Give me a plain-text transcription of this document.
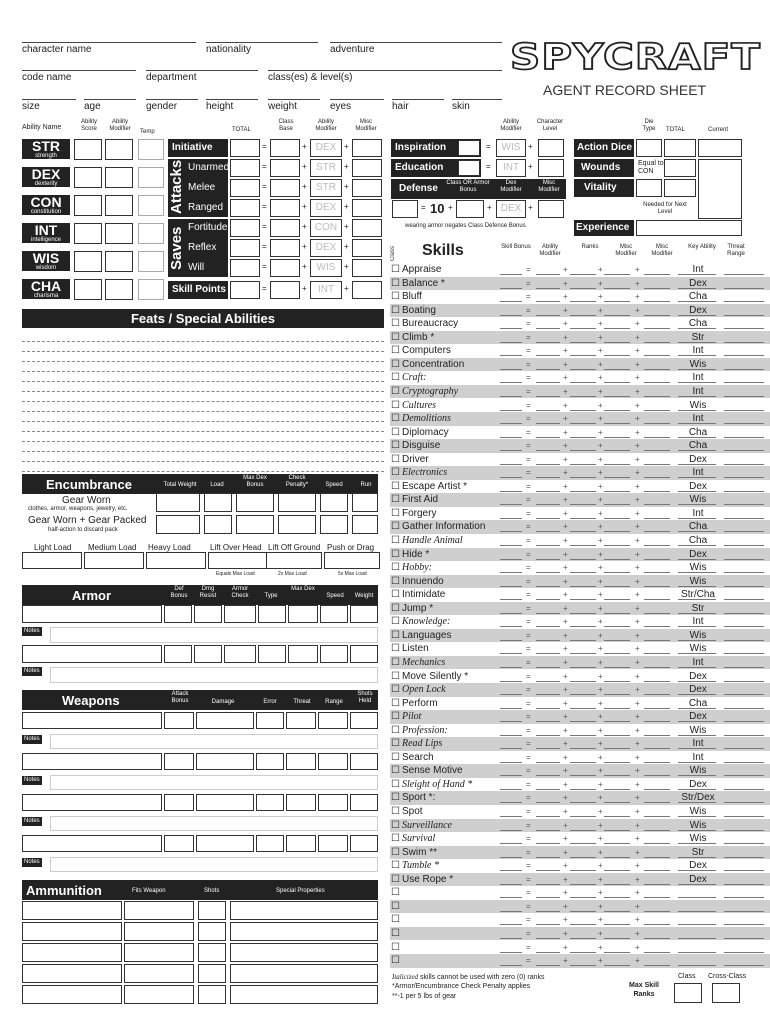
character name	nationality	adventure
code name	department	class(es) & level(s)
size	age	gender	height	weight	eyes	hair	skin
SPYCRAFT
AGENT RECORD SHEET
Ability Name
Ability Score
Ability Modifier	Temp
STR
strength
DEX
dexterity
CON
constitution
INT
intelligence
WIS
wisdom
CHA
charisma
TOTAL
Class Base
Ability Modifier
Misc Modifier
Attacks
Saves
Initiative	=	+ DEX +
Unarmed	=	+ STR	+
Melee	=	+ STR	+
Ranged	=	+ DEX +
Fortitude	=	+ CON +
Reflex	=	+ DEX +
Will	=	+ WIS	+
Skill Points	=	+	INT	+
Ability Modifier
Character Level
Inspiration	=	WIS +
Education	=	INT	+
Defense Class OR Armor Bonus
Dex Modifier
Misc Modifier
= 10 +	+ DEX +
wearing armor negates Class Defense Bonus
Die Type	TOTAL	Current
Action Dice
Wounds	Equal to CON
Vitality
Needed for Next Level
Experience
Class Skills	Skill Bonus	Ability Modifier
Ranks	Misc Modifier
Misc Modifier
Key Ability	Threat Range
☐ Appraise	=	+	+	+	Int
☐ Balance *	=	+	+	+	Dex
☐ Bluff	=	+	+	+	Cha
☐ Boating	=	+	+	+	Dex
☐ Bureaucracy	=	+	+	+	Cha
☐ Climb *	=	+	+	+	Str
☐ Computers	=	+	+	+	Int
☐ Concentration	=	+	+	+	Wis
☐ Craft:	=	+	+	+	Int
☐ Cryptography	=	+	+	+	Int
☐ Cultures	=	+	+	+	Wis
☐ Demolitions	=	+	+	+	Int
☐ Diplomacy	=	+	+	+	Cha
☐ Disguise	=	+	+	+	Cha
☐ Driver	=	+	+	+	Dex
☐ Electronics	=	+	+	+	Int
☐ Escape Artist *	=	+	+	+	Dex
☐ First Aid	=	+	+	+	Wis
☐ Forgery	=	+	+	+	Int
☐ Gather Information	=	+	+	+	Cha
☐ Handle Animal	=	+	+	+	Cha
☐ Hide *	=	+	+	+	Dex
☐ Hobby:	=	+	+	+	Wis
☐ Innuendo	=	+	+	+	Wis
☐ Intimidate	=	+	+	+	Str/Cha
☐ Jump *	=	+	+	+	Str
☐ Knowledge:	=	+	+	+	Int
☐ Languages	=	+	+	+	Wis
☐ Listen	=	+	+	+	Wis
☐ Mechanics	=	+	+	+	Int
☐ Move Silently *	=	+	+	+	Dex
☐ Open Lock	=	+	+	+	Dex
☐ Perform	=	+	+	+	Cha
☐ Pilot	=	+	+	+	Dex
☐ Profession:	=	+	+	+	Wis
☐ Read Lips	=	+	+	+	Int
☐ Search	=	+	+	+	Int
☐ Sense Motive	=	+	+	+	Wis
☐ Sleight of Hand *	=	+	+	+	Dex
☐ Sport *:	=	+	+	+	Str/Dex
☐ Spot	=	+	+	+	Wis
☐ Surveillance	=	+	+	+	Wis
☐ Survival	=	+	+	+	Wis
☐ Swim **	=	+	+	+	Str
☐ Tumble *	=	+	+	+	Dex
☐ Use Rope *	=	+	+	+	Dex
☐	=	+	+	+
☐	=	+	+	+
☐	=	+	+	+
☐	=	+	+	+
☐	=	+	+	+
☐	=	+	+	+
Italicized skills cannot be used with zero (0) ranks
*Armor/Encumbrance Check Penalty applies
**-1 per 5 lbs of gear
Max Skill Ranks
Class Cross-Class
Feats / Special Abilities
Encumbrance	Total Weight	Load
Max Dex Bonus
Check Penalty*	Speed	Run
Gear Worn
clothes, armor, weapons, jewelry, etc.
Gear Worn + Gear Packed
half-action to discard pack
Light Load Medium Load Heavy Load Lift Over Head Lift Off Ground Push or Drag
Equals Max Load	2x Max Load	5x Max Load
Armor	Def Bonus
Dmg Resist
Armor Check	Type
Max Dex
Speed	Weight
Notes
Notes
Weapons	Attack Bonus	Damage	Error	Threat	Range
Shots Held
Notes
Notes
Notes
Notes
Ammunition	Fits Weapon	Shots	Special Properties
